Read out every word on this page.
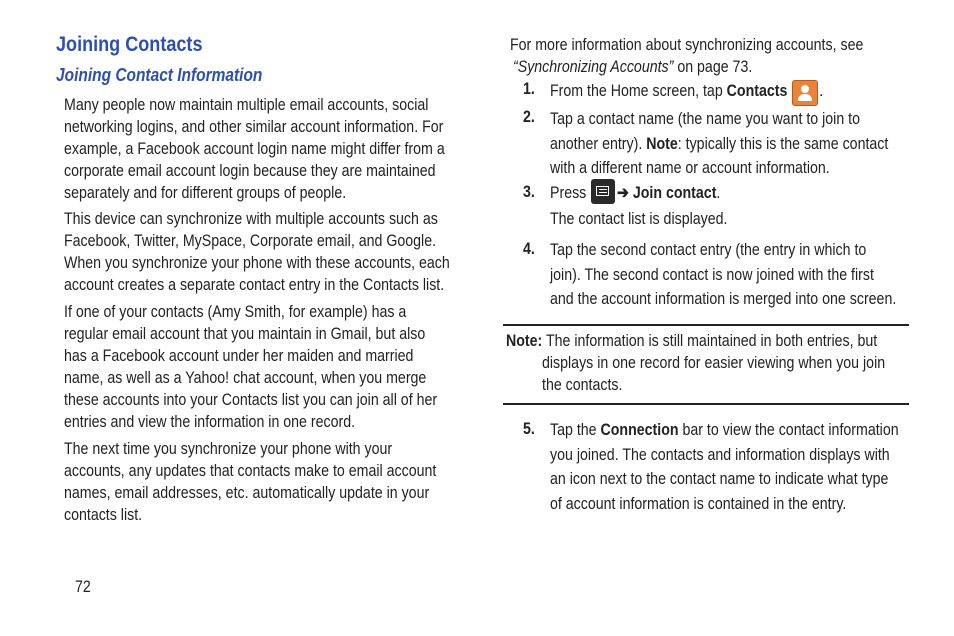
Joining Contacts
Joining Contact Information
Many people now maintain multiple email accounts, social
networking logins, and other similar account information. For
example, a Facebook account login name might differ from a
corporate email account login because they are maintained
separately and for different groups of people.
This device can synchronize with multiple accounts such as
Facebook, Twitter, MySpace, Corporate email, and Google.
When you synchronize your phone with these accounts, each
account creates a separate contact entry in the Contacts list.
If one of your contacts (Amy Smith, for example) has a
regular email account that you maintain in Gmail, but also
has a Facebook account under her maiden and married
name, as well as a Yahoo! chat account, when you merge
these accounts into your Contacts list you can join all of her
entries and view the information in one record.
The next time you synchronize your phone with your
accounts, any updates that contacts make to email account
names, email addresses, etc. automatically update in your
contacts list.
For more information about synchronizing accounts, see
“Synchronizing Accounts” on page 73.
1. From the Home screen, tap Contacts	.
2. Tap a contact name (the name you want to join to
another entry). Note: typically this is the same contact
with a different name or account information.
3. Press	➔ Join contact.
The contact list is displayed.
4. Tap the second contact entry (the entry in which to
join). The second contact is now joined with the first
and the account information is merged into one screen.
Note: The information is still maintained in both entries, but
displays in one record for easier viewing when you join
the contacts.
5. Tap the Connection bar to view the contact information
you joined. The contacts and information displays with
an icon next to the contact name to indicate what type
of account information is contained in the entry.
72
